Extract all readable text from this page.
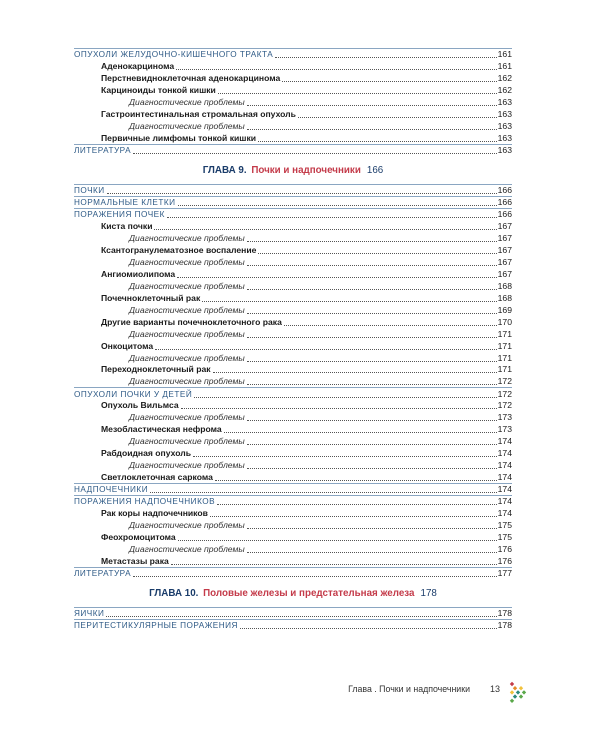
ОПУХОЛИ ЖЕЛУДОЧНО-КИШЕЧНОГО ТРАКТА	161
Аденокарцинома	161
Перстневидноклеточная аденокарцинома	162
Карциноиды тонкой кишки	162
Диагностические проблемы	163
Гастроинтестинальная стромальная опухоль	163
Диагностические проблемы	163
Первичные лимфомы тонкой кишки	163
ЛИТЕРАТУРА	163
ГЛАВА 9. Почки и надпочечники 166
ПОЧКИ	166
НОРМАЛЬНЫЕ КЛЕТКИ	166
ПОРАЖЕНИЯ ПОЧЕК	166
Киста почки	167
Диагностические проблемы	167
Ксантогранулематозное воспаление	167
Диагностические проблемы	167
Ангиомиолипома	167
Диагностические проблемы	168
Почечноклеточный рак	168
Диагностические проблемы	169
Другие варианты почечноклеточного рака	170
Диагностические проблемы	171
Онкоцитома	171
Диагностические проблемы	171
Переходноклеточный рак	171
Диагностические проблемы	172
ОПУХОЛИ ПОЧКИ У ДЕТЕЙ	172
Опухоль Вильмса	172
Диагностические проблемы	173
Мезобластическая нефрома	173
Диагностические проблемы	174
Рабдоидная опухоль	174
Диагностические проблемы	174
Светлоклеточная саркома	174
НАДПОЧЕЧНИКИ	174
ПОРАЖЕНИЯ НАДПОЧЕЧНИКОВ	174
Рак коры надпочечников	174
Диагностические проблемы	175
Феохромоцитома	175
Диагностические проблемы	176
Метастазы рака	176
ЛИТЕРАТУРА	177
ГЛАВА 10. Половые железы и предстательная железа 178
ЯИЧКИ	178
ПЕРИТЕСТИКУЛЯРНЫЕ ПОРАЖЕНИЯ	178
Глава . Почки и надпочечники 13
